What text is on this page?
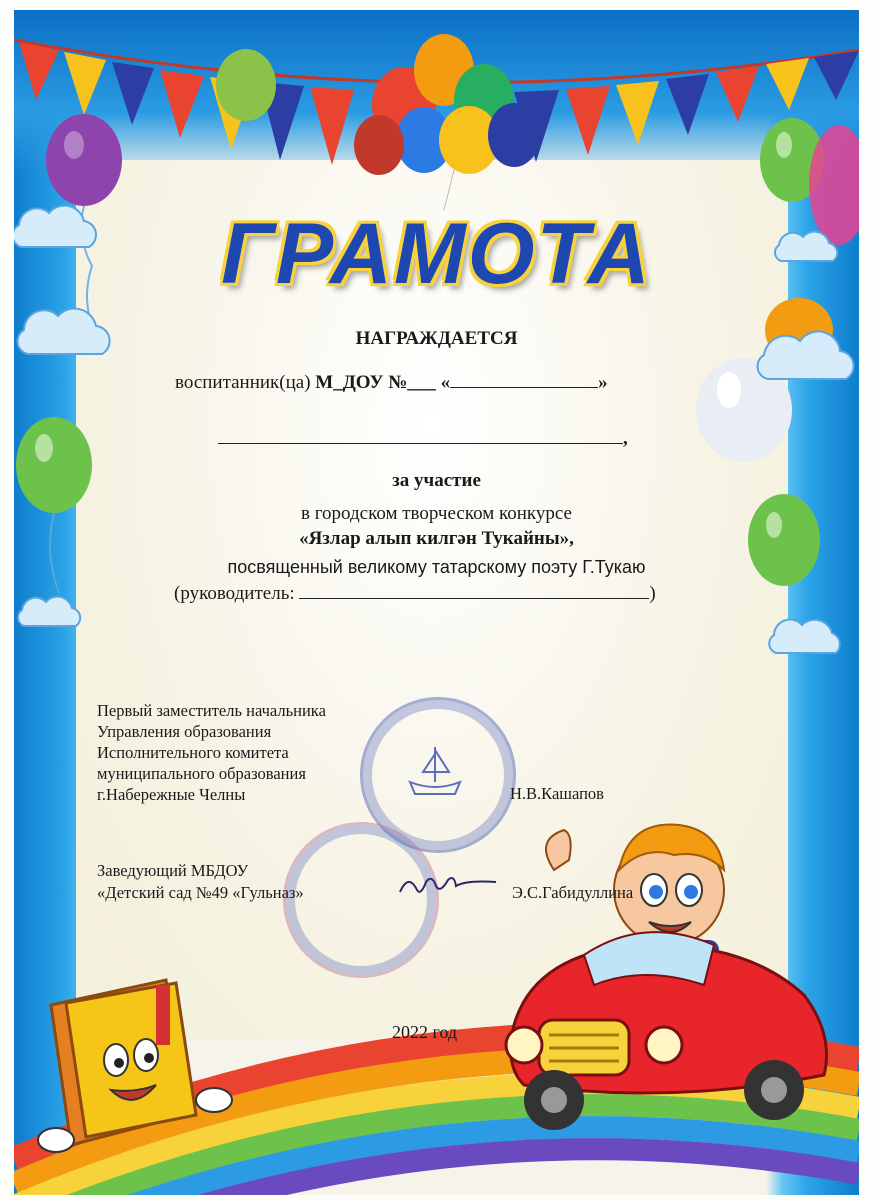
ГРАМОТА
НАГРАЖДАЕТСЯ
воспитанник(ца) М_ДОУ №___ «	»
,
за участие
в городском творческом конкурсе
«Язлар алып килгән Тукайны»,
посвященный великому татарскому поэту Г.Тукаю
(руководитель:	)
Первый заместитель начальника
Управления образования
Исполнительного комитета
муниципального образования
г.Набережные Челны	Н.В.Кашапов
Заведующий МБДОУ
«Детский сад №49 «Гульназ»	Э.С.Габидуллина
2022 год
